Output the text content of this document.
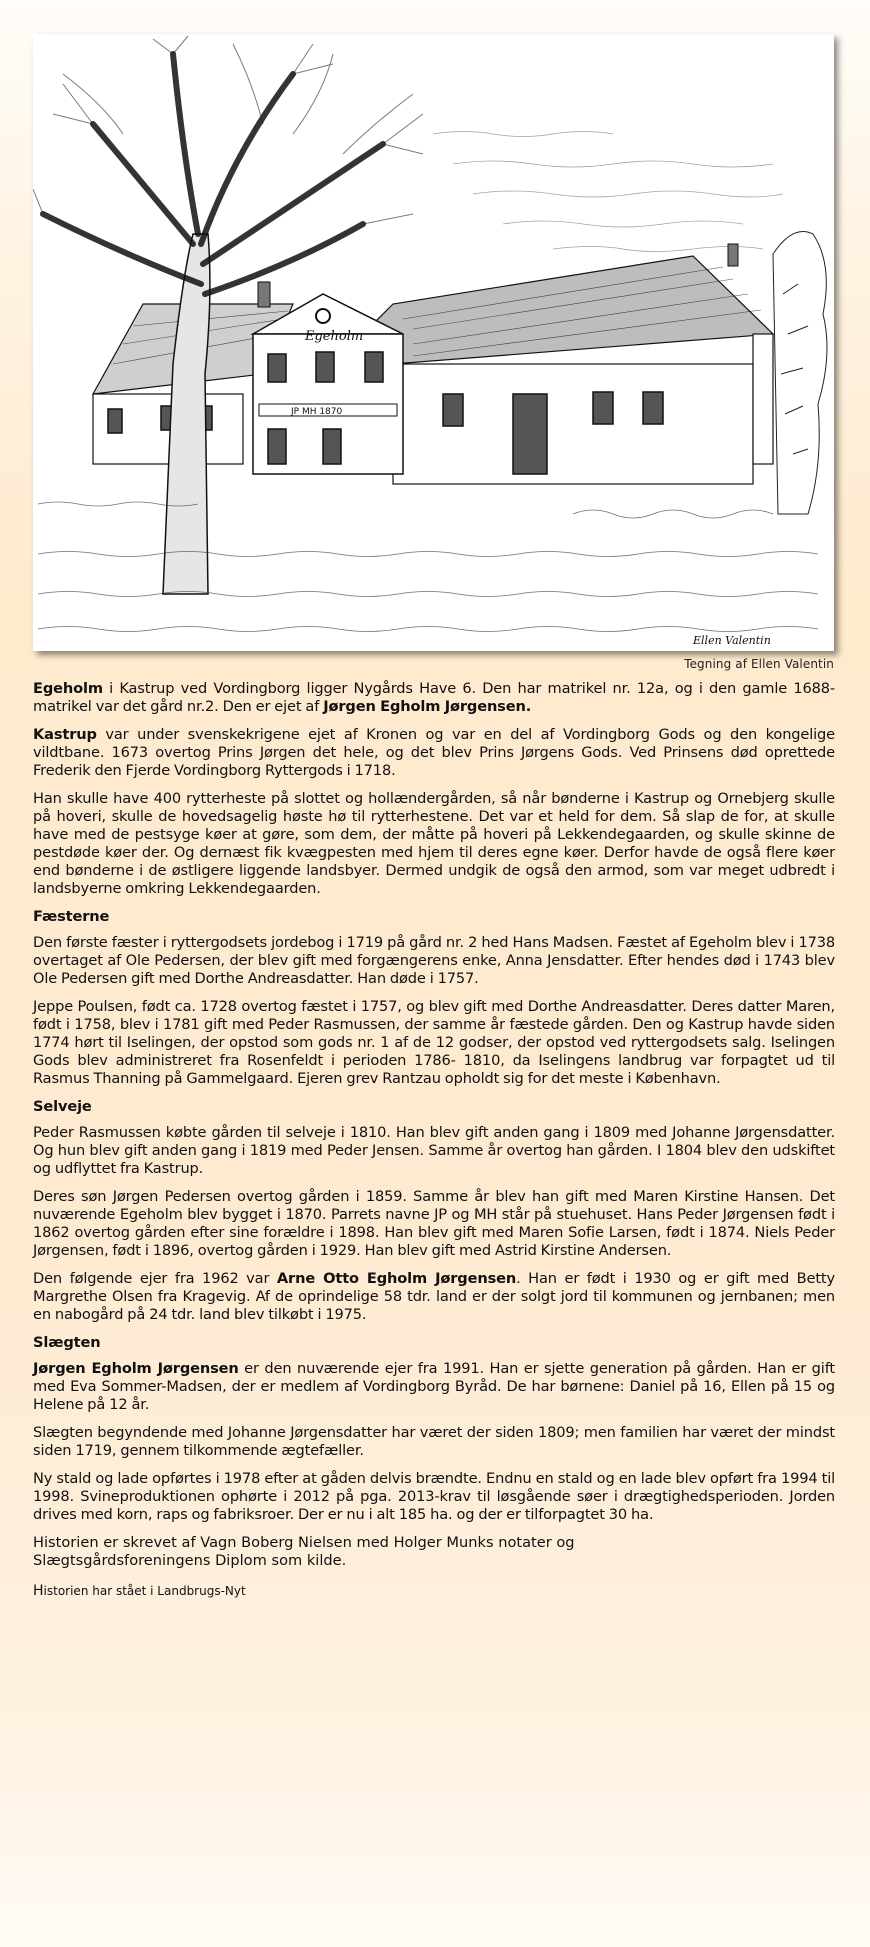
Egeholm
JP MH 1870
Ellen Valentin
Tegning af Ellen Valentin

Egeholm i Kastrup ved Vordingborg ligger Nygårds Have 6. Den har matrikel nr. 12a, og i den gamle 1688-matrikel var det gård nr.2. Den er ejet af Jørgen Egholm Jørgensen.

Kastrup var under svenskekrigene ejet af Kronen og var en del af Vordingborg Gods og den kongelige vildtbane. 1673 overtog Prins Jørgen det hele, og det blev Prins Jørgens Gods. Ved Prinsens død oprettede Frederik den Fjerde Vordingborg Ryttergods i 1718.

Han skulle have 400 rytterheste på slottet og hollændergården, så når bønderne i Kastrup og Ornebjerg skulle på hoveri, skulle de hovedsagelig høste hø til rytterhestene. Det var et held for dem. Så slap de for, at skulle have med de pestsyge køer at gøre, som dem, der måtte på hoveri på Lekkendegaarden, og skulle skinne de pestdøde køer der. Og dernæst fik kvægpesten med hjem til deres egne køer. Derfor havde de også flere køer end bønderne i de østligere liggende landsbyer. Dermed undgik de også den armod, som var meget udbredt i landsbyerne omkring Lekkendegaarden.

Fæsterne

Den første fæster i ryttergodsets jordebog i 1719 på gård nr. 2 hed Hans Madsen. Fæstet af Egeholm blev i 1738 overtaget af Ole Pedersen, der blev gift med forgængerens enke, Anna Jensdatter. Efter hendes død i 1743 blev Ole Pedersen gift med Dorthe Andreasdatter. Han døde i 1757.

Jeppe Poulsen, født ca. 1728 overtog fæstet i 1757, og blev gift med Dorthe Andreasdatter. Deres datter Maren, født i 1758, blev i 1781 gift med Peder Rasmussen, der samme år fæstede gården. Den og Kastrup havde siden 1774 hørt til Iselingen, der opstod som gods nr. 1 af de 12 godser, der opstod ved ryttergodsets salg. Iselingen Gods blev administreret fra Rosenfeldt i perioden 1786- 1810, da Iselingens landbrug var forpagtet ud til Rasmus Thanning på Gammelgaard. Ejeren grev Rantzau opholdt sig for det meste i København.

Selveje

Peder Rasmussen købte gården til selveje i 1810. Han blev gift anden gang i 1809 med Johanne Jørgensdatter. Og hun blev gift anden gang i 1819 med Peder Jensen. Samme år overtog han gården. I 1804 blev den udskiftet og udflyttet fra Kastrup.

Deres søn Jørgen Pedersen overtog gården i 1859. Samme år blev han gift med Maren Kirstine Hansen. Det nuværende Egeholm blev bygget i 1870. Parrets navne JP og MH står på stuehuset. Hans Peder Jørgensen født i 1862 overtog gården efter sine forældre i 1898. Han blev gift med Maren Sofie Larsen, født i 1874. Niels Peder Jørgensen, født i 1896, overtog gården i 1929. Han blev gift med Astrid Kirstine Andersen.

Den følgende ejer fra 1962 var Arne Otto Egholm Jørgensen. Han er født i 1930 og er gift med Betty Margrethe Olsen fra Kragevig. Af de oprindelige 58 tdr. land er der solgt jord til kommunen og jernbanen; men en nabogård på 24 tdr. land blev tilkøbt i 1975.

Slægten

Jørgen Egholm Jørgensen er den nuværende ejer fra 1991. Han er sjette generation på gården. Han er gift med Eva Sommer-Madsen, der er medlem af Vordingborg Byråd. De har børnene: Daniel på 16, Ellen på 15 og Helene på 12 år.

Slægten begyndende med Johanne Jørgensdatter har været der siden 1809; men familien har været der mindst siden 1719, gennem tilkommende ægtefæller.

Ny stald og lade opførtes i 1978 efter at gåden delvis brændte. Endnu en stald og en lade blev opført fra 1994 til 1998. Svineproduktionen ophørte i 2012 på pga. 2013-krav til løsgående søer i drægtighedsperioden. Jorden drives med korn, raps og fabriksroer. Der er nu i alt 185 ha. og der er tilforpagtet 30 ha.

Historien er skrevet af Vagn Boberg Nielsen med Holger Munks notater og
Slægtsgårdsforeningens Diplom som kilde.

Historien har stået i Landbrugs-Nyt
